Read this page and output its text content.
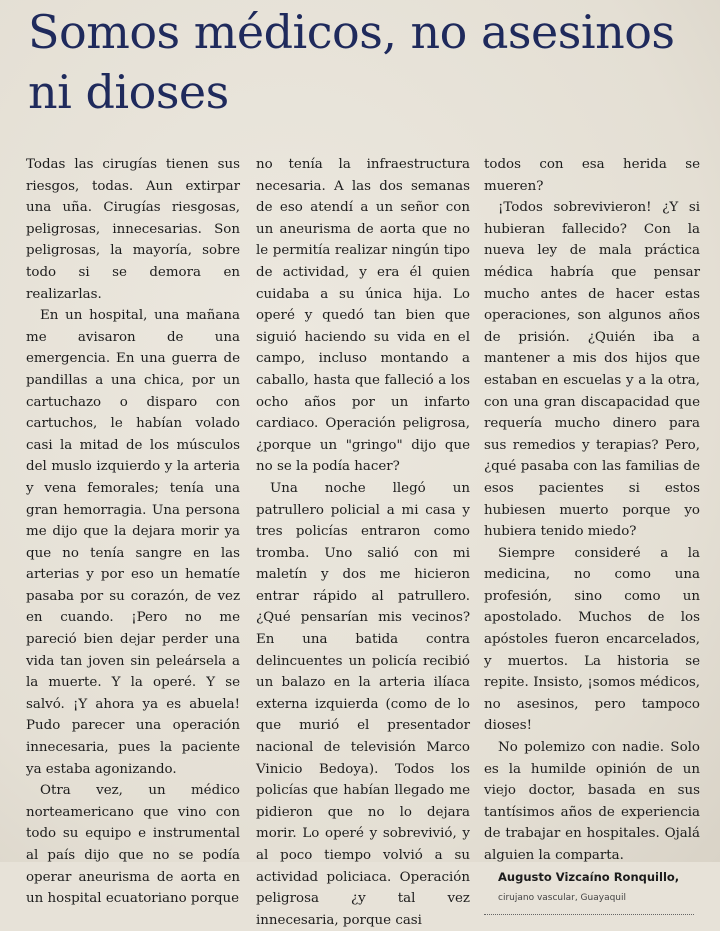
Somos médicos, no asesinos ni dioses

Todas las cirugías tienen sus riesgos, todas. Aun extirpar una uña. Cirugías riesgosas, peligrosas, innecesarias. Son peligrosas, la mayoría, sobre todo si se demora en realizarlas.

En un hospital, una mañana me avisaron de una emergencia. En una guerra de pandillas a una chica, por un cartuchazo o disparo con cartuchos, le habían volado casi la mitad de los músculos del muslo izquierdo y la arteria y vena femorales; tenía una gran hemorragia. Una persona me dijo que la dejara morir ya que no tenía sangre en las arterias y por eso un hematíe pasaba por su corazón, de vez en cuando. ¡Pero no me pareció bien dejar perder una vida tan joven sin peleársela a la muerte. Y la operé. Y se salvó. ¡Y ahora ya es abuela! Pudo parecer una operación innecesaria, pues la paciente ya estaba agonizando.

Otra vez, un médico norteamericano que vino con todo su equipo e instrumental al país dijo que no se podía operar aneurisma de aorta en un hospital ecuatoriano porque

no tenía la infraestructura necesaria. A las dos semanas de eso atendí a un señor con un aneurisma de aorta que no le permitía realizar ningún tipo de actividad, y era él quien cuidaba a su única hija. Lo operé y quedó tan bien que siguió haciendo su vida en el campo, incluso montando a caballo, hasta que falleció a los ocho años por un infarto cardiaco. Operación peligrosa, ¿porque un "gringo" dijo que no se la podía hacer?

Una noche llegó un patrullero policial a mi casa y tres policías entraron como tromba. Uno salió con mi maletín y dos me hicieron entrar rápido al patrullero. ¿Qué pensarían mis vecinos? En una batida contra delincuentes un policía recibió un balazo en la arteria ilíaca externa izquierda (como de lo que murió el presentador nacional de televisión Marco Vinicio Bedoya). Todos los policías que habían llegado me pidieron que no lo dejara morir. Lo operé y sobrevivió, y al poco tiempo volvió a su actividad policiaca. Operación peligrosa ¿y tal vez innecesaria, porque casi

todos con esa herida se mueren?

¡Todos sobrevivieron! ¿Y si hubieran fallecido? Con la nueva ley de mala práctica médica habría que pensar mucho antes de hacer estas operaciones, son algunos años de prisión. ¿Quién iba a mantener a mis dos hijos que estaban en escuelas y a la otra, con una gran discapacidad que requería mucho dinero para sus remedios y terapias? Pero, ¿qué pasaba con las familias de esos pacientes si estos hubiesen muerto porque yo hubiera tenido miedo?

Siempre consideré a la medicina, no como una profesión, sino como un apostolado. Muchos de los apóstoles fueron encarcelados, y muertos. La historia se repite. Insisto, ¡somos médicos, no asesinos, pero tampoco dioses!

No polemizo con nadie. Solo es la humilde opinión de un viejo doctor, basada en sus tantísimos años de experiencia de trabajar en hospitales. Ojalá alguien la comparta.

Augusto Vizcaíno Ronquillo,

cirujano vascular, Guayaquil
